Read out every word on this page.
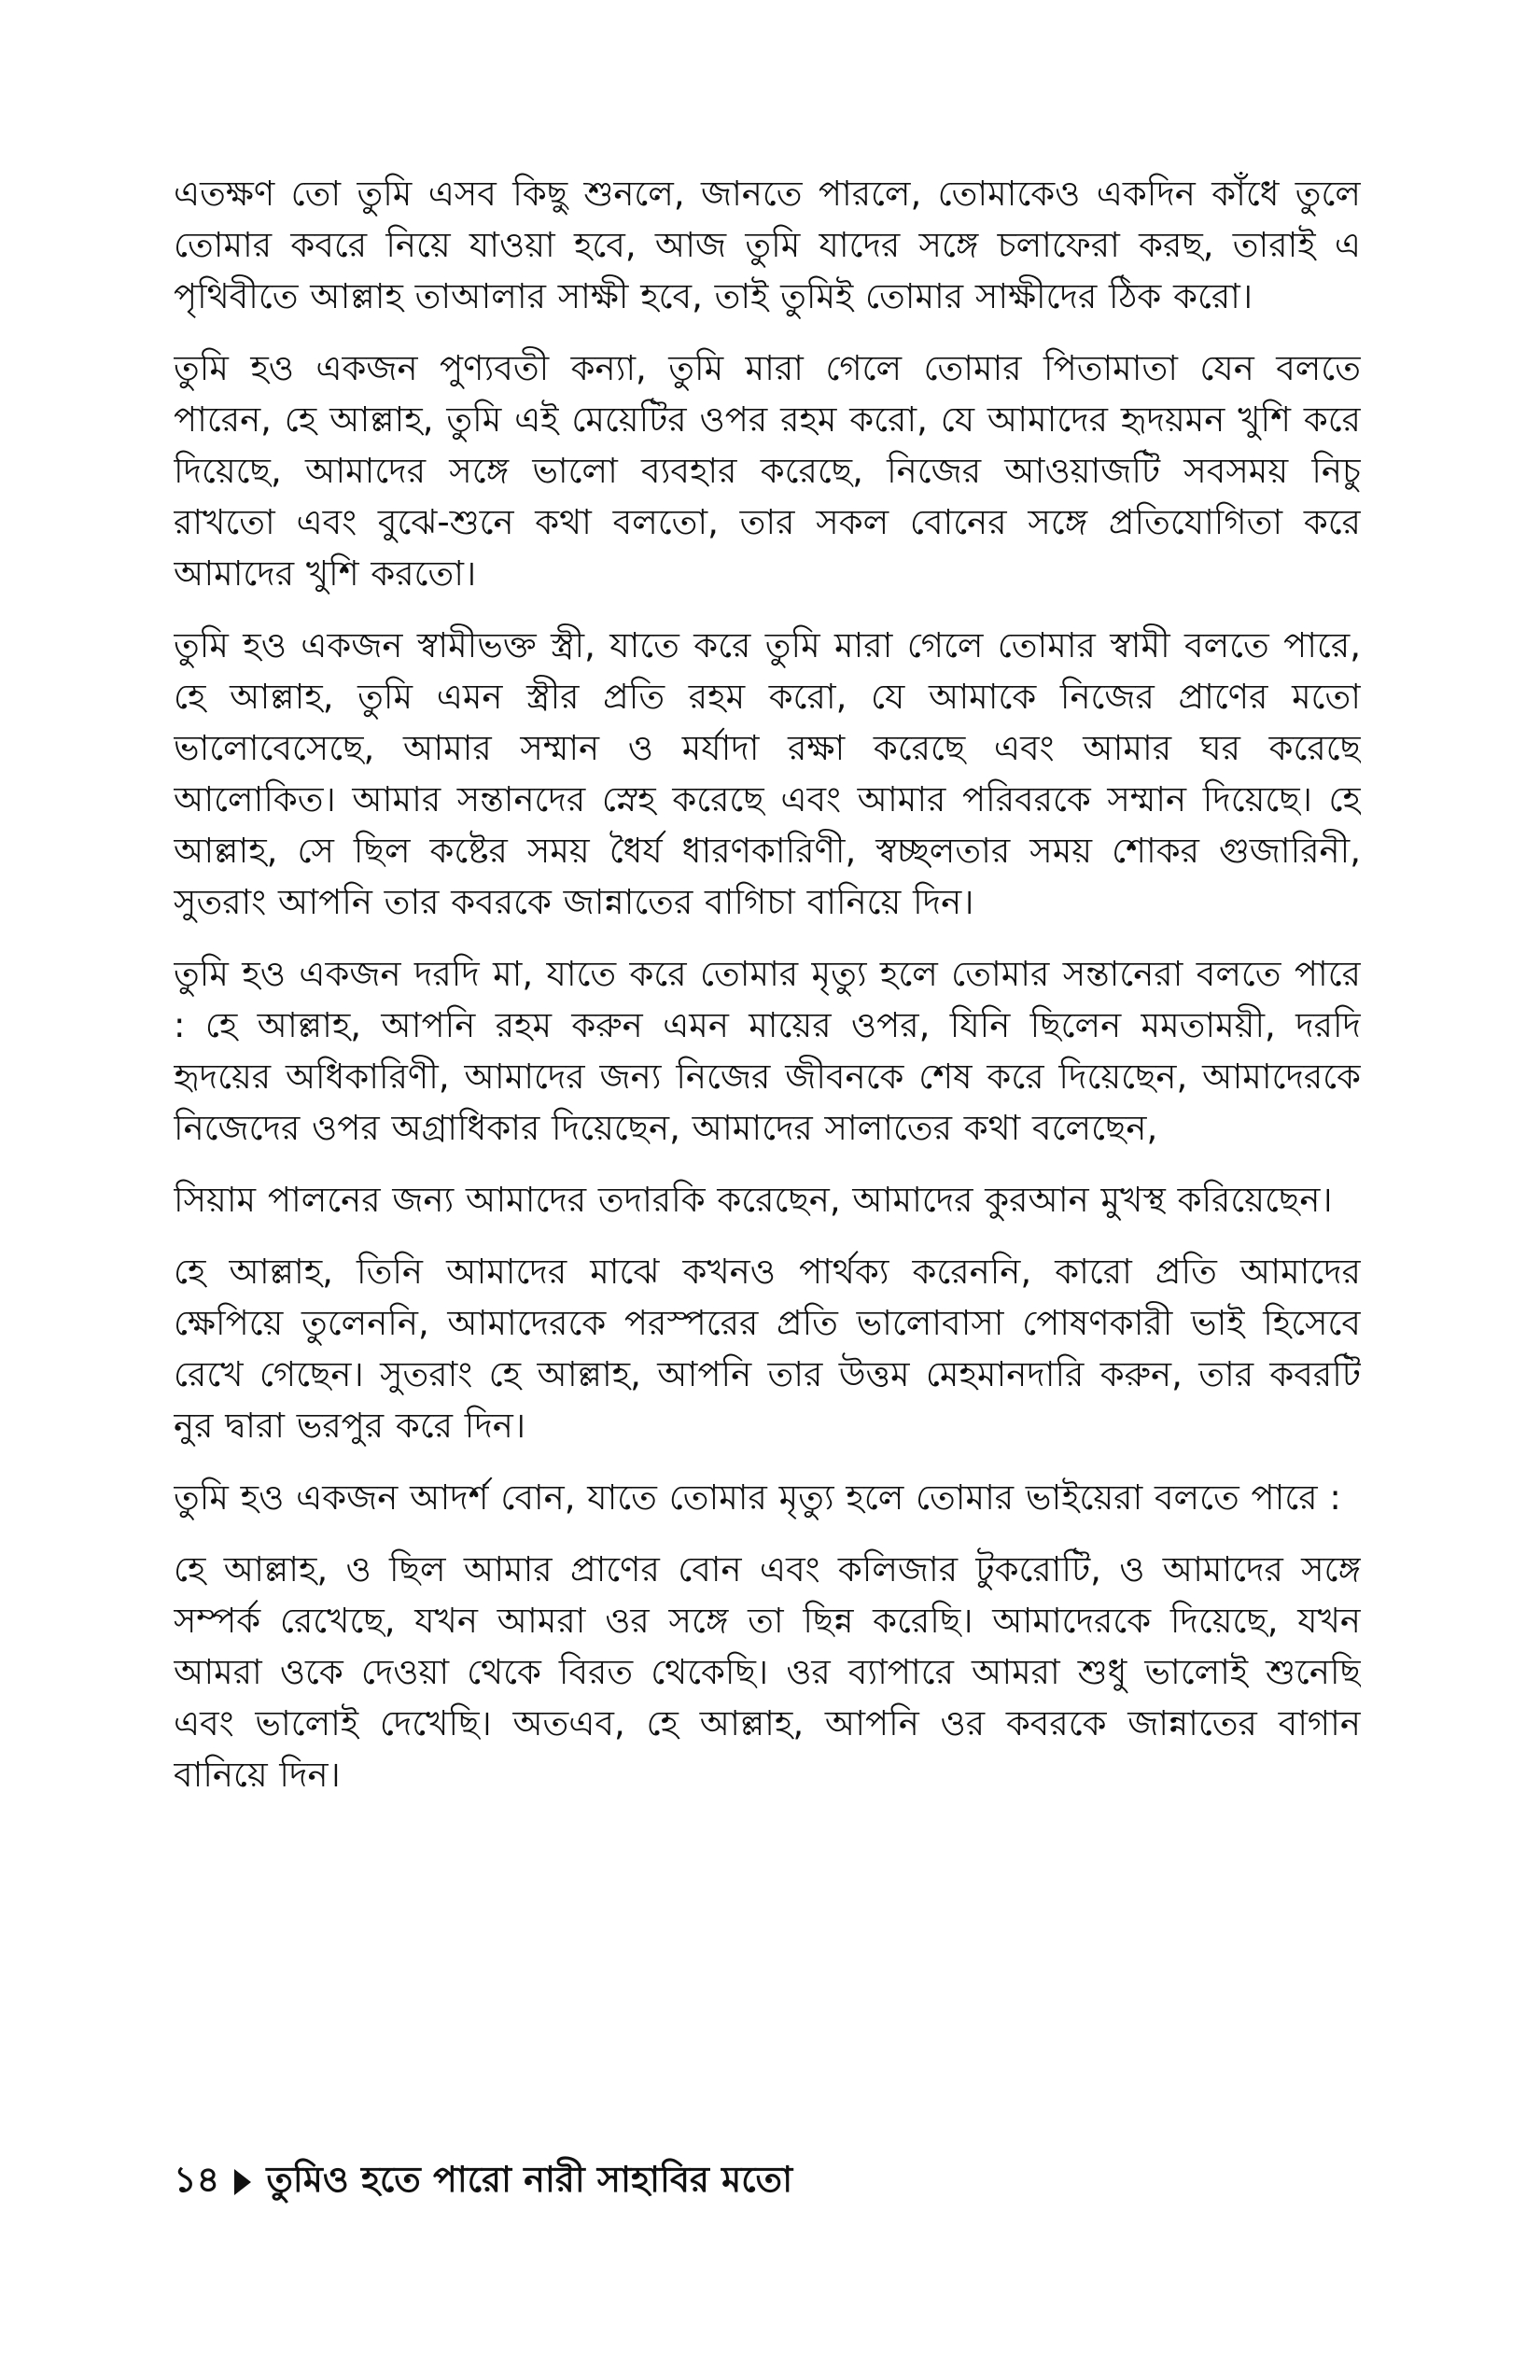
এতক্ষণ তো তুমি এসব কিছু শুনলে, জানতে পারলে, তোমাকেও একদিন কাঁধে তুলে তোমার কবরে নিয়ে যাওয়া হবে, আজ তুমি যাদের সঙ্গে চলাফেরা করছ, তারাই এ পৃথিবীতে আল্লাহ তাআলার সাক্ষী হবে, তাই তুমিই তোমার সাক্ষীদের ঠিক করো।

তুমি হও একজন পুণ্যবতী কন্যা, তুমি মারা গেলে তোমার পিতামাতা যেন বলতে পারেন, হে আল্লাহ, তুমি এই মেয়েটির ওপর রহম করো, যে আমাদের হৃদয়মন খুশি করে দিয়েছে, আমাদের সঙ্গে ভালো ব্যবহার করেছে, নিজের আওয়াজটি সবসময় নিচু রাখতো এবং বুঝে-শুনে কথা বলতো, তার সকল বোনের সঙ্গে প্রতিযোগিতা করে আমাদের খুশি করতো।

তুমি হও একজন স্বামীভক্ত স্ত্রী, যাতে করে তুমি মারা গেলে তোমার স্বামী বলতে পারে, হে আল্লাহ, তুমি এমন স্ত্রীর প্রতি রহম করো, যে আমাকে নিজের প্রাণের মতো ভালোবেসেছে, আমার সম্মান ও মর্যাদা রক্ষা করেছে এবং আমার ঘর করেছে আলোকিত। আমার সন্তানদের স্নেহ করেছে এবং আমার পরিবরকে সম্মান দিয়েছে। হে আল্লাহ, সে ছিল কষ্টের সময় ধৈর্য ধারণকারিণী, স্বচ্ছলতার সময় শোকর গুজারিনী, সুতরাং আপনি তার কবরকে জান্নাতের বাগিচা বানিয়ে দিন।

তুমি হও একজন দরদি মা, যাতে করে তোমার মৃত্যু হলে তোমার সন্তানেরা বলতে পারে : হে আল্লাহ, আপনি রহম করুন এমন মায়ের ওপর, যিনি ছিলেন মমতাময়ী, দরদি হৃদয়ের অধিকারিণী, আমাদের জন্য নিজের জীবনকে শেষ করে দিয়েছেন, আমাদেরকে নিজেদের ওপর অগ্রাধিকার দিয়েছেন, আমাদের সালাতের কথা বলেছেন,

সিয়াম পালনের জন্য আমাদের তদারকি করেছেন, আমাদের কুরআন মুখস্থ করিয়েছেন।

হে আল্লাহ, তিনি আমাদের মাঝে কখনও পার্থক্য করেননি, কারো প্রতি আমাদের ক্ষেপিয়ে তুলেননি, আমাদেরকে পরস্পরের প্রতি ভালোবাসা পোষণকারী ভাই হিসেবে রেখে গেছেন। সুতরাং হে আল্লাহ, আপনি তার উত্তম মেহমানদারি করুন, তার কবরটি নুর দ্বারা ভরপুর করে দিন।

তুমি হও একজন আদর্শ বোন, যাতে তোমার মৃত্যু হলে তোমার ভাইয়েরা বলতে পারে :

হে আল্লাহ, ও ছিল আমার প্রাণের বোন এবং কলিজার টুকরোটি, ও আমাদের সঙ্গে সম্পর্ক রেখেছে, যখন আমরা ওর সঙ্গে তা ছিন্ন করেছি। আমাদেরকে দিয়েছে, যখন আমরা ওকে দেওয়া থেকে বিরত থেকেছি। ওর ব্যাপারে আমরা শুধু ভালোই শুনেছি এবং ভালোই দেখেছি। অতএব, হে আল্লাহ, আপনি ওর কবরকে জান্নাতের বাগান বানিয়ে দিন।

১৪ তুমিও হতে পারো নারী সাহাবির মতো
